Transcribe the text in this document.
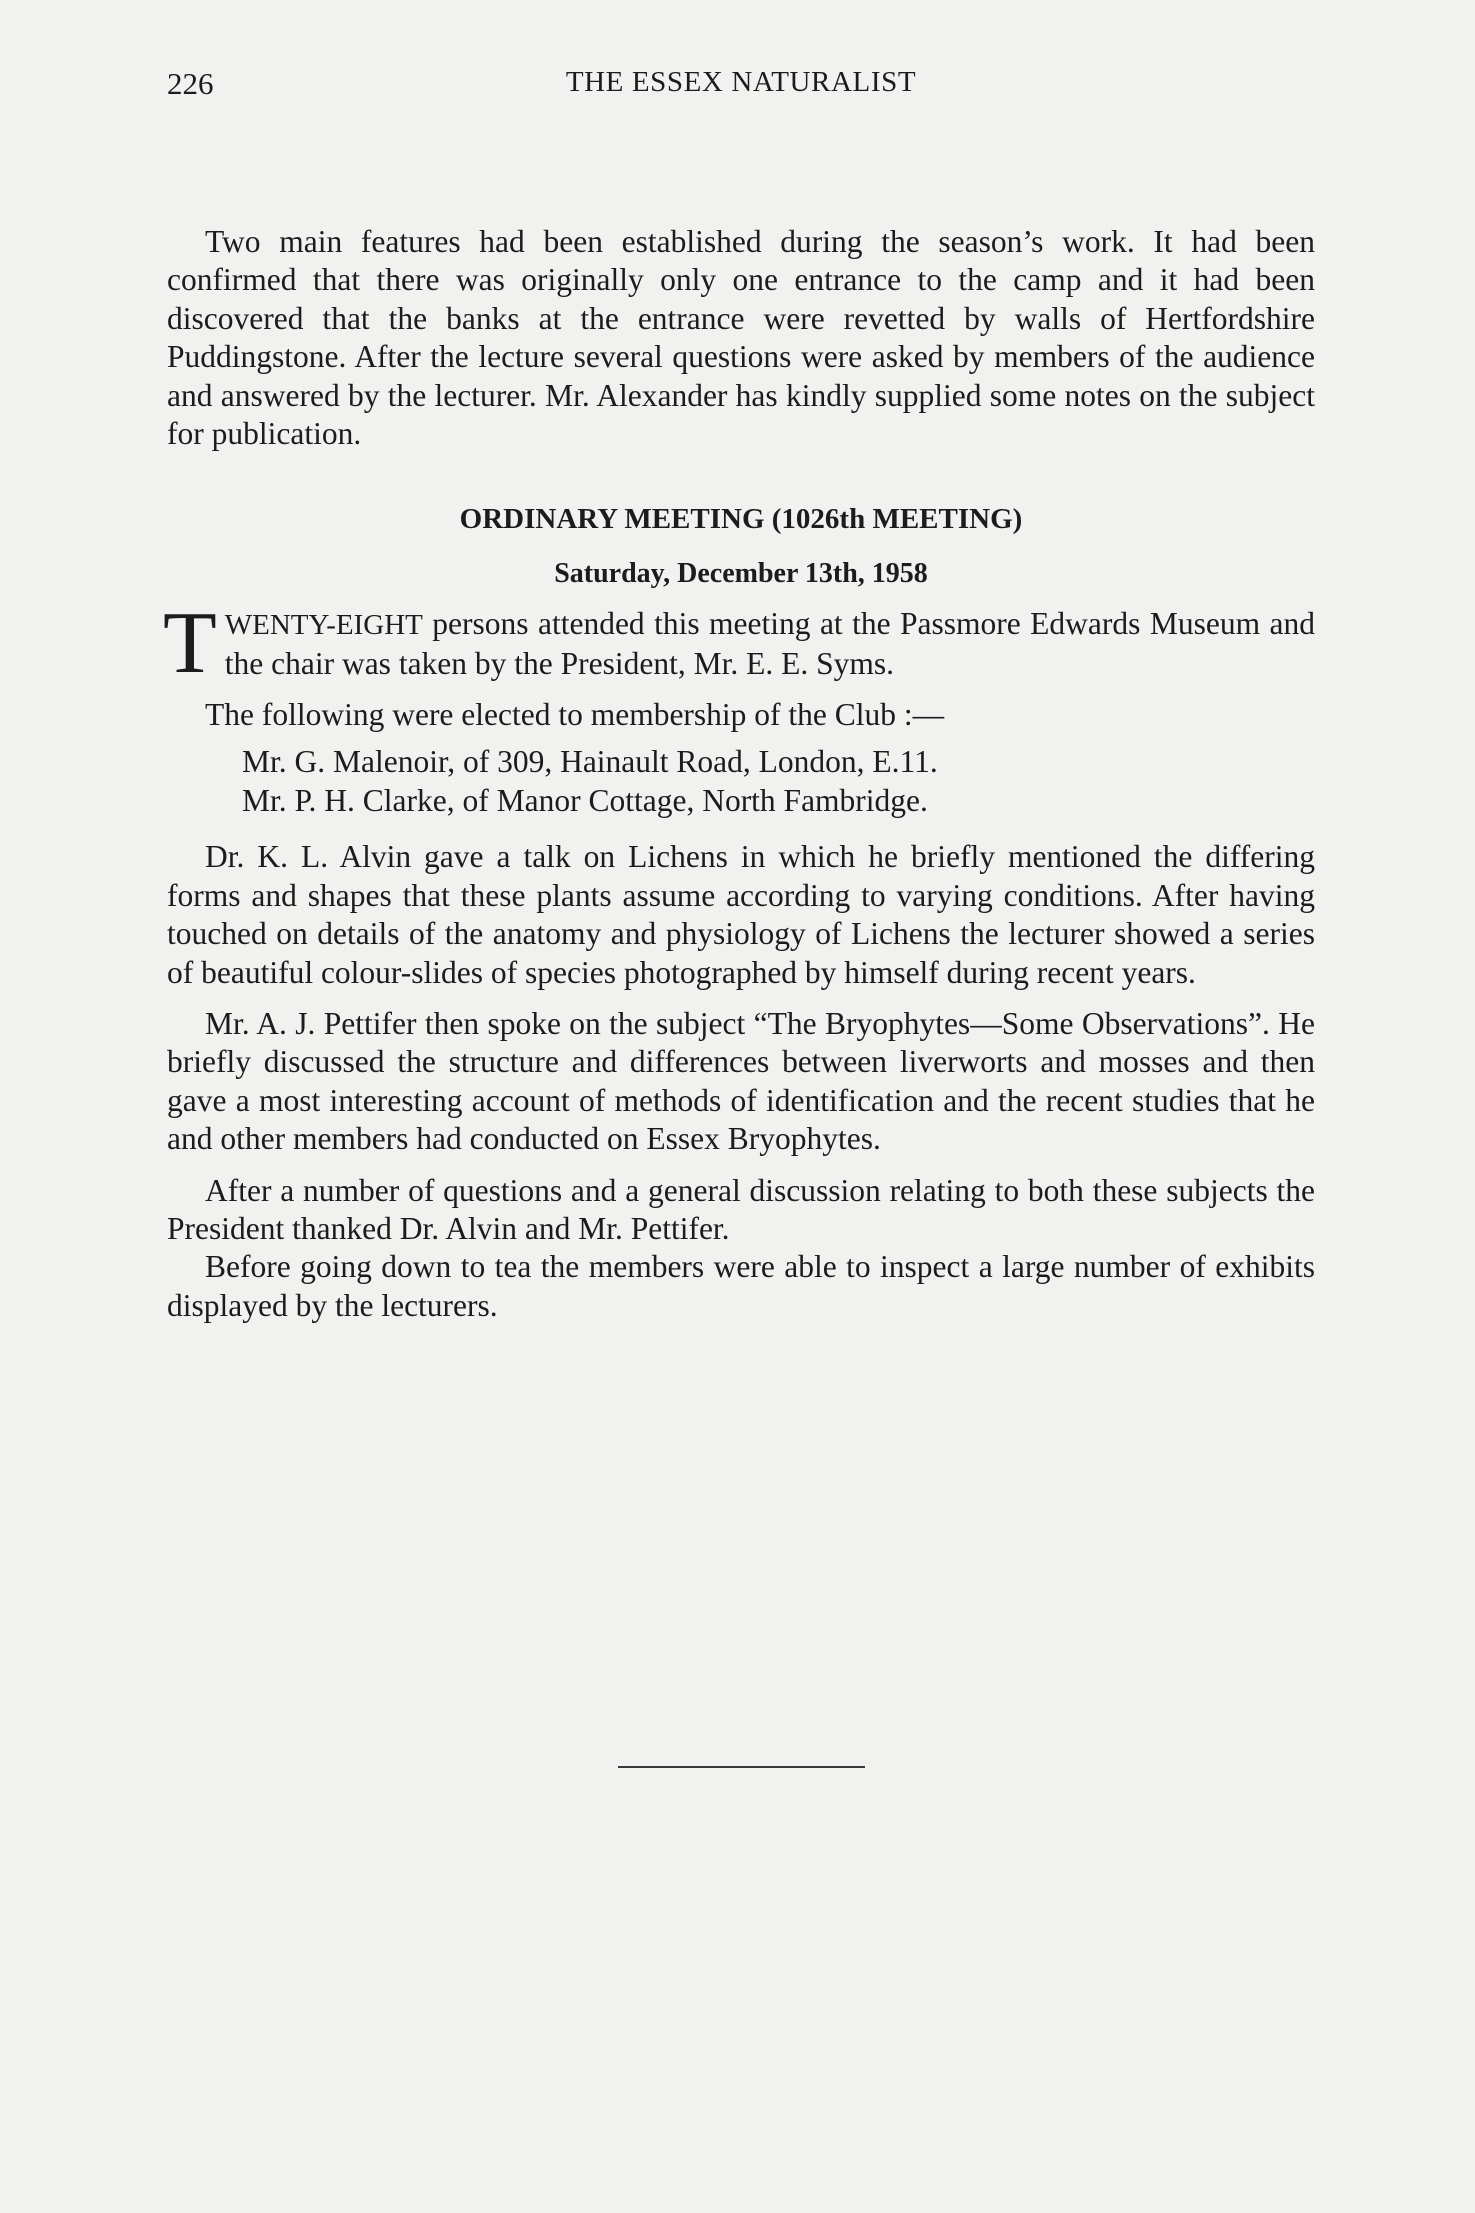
226	THE ESSEX NATURALIST

Two main features had been established during the season’s work. It had been confirmed that there was originally only one entrance to the camp and it had been discovered that the banks at the entrance were revetted by walls of Hertfordshire Puddingstone. After the lecture several questions were asked by members of the audience and answered by the lecturer. Mr. Alexander has kindly supplied some notes on the subject for publication.

ORDINARY MEETING (1026th MEETING)
Saturday, December 13th, 1958

TWENTY-EIGHT persons attended this meeting at the Passmore Edwards Museum and the chair was taken by the President, Mr. E. E. Syms.

The following were elected to membership of the Club :—

Mr. G. Malenoir, of 309, Hainault Road, London, E.11.
Mr. P. H. Clarke, of Manor Cottage, North Fambridge.

Dr. K. L. Alvin gave a talk on Lichens in which he briefly mentioned the differing forms and shapes that these plants assume according to varying conditions. After having touched on details of the anatomy and physiology of Lichens the lecturer showed a series of beautiful colour-slides of species photographed by himself during recent years.

Mr. A. J. Pettifer then spoke on the subject “The Bryophytes—Some Observations”. He briefly discussed the structure and differences between liverworts and mosses and then gave a most interesting account of methods of identification and the recent studies that he and other members had conducted on Essex Bryophytes.

After a number of questions and a general discussion relating to both these subjects the President thanked Dr. Alvin and Mr. Pettifer.

Before going down to tea the members were able to inspect a large number of exhibits displayed by the lecturers.
